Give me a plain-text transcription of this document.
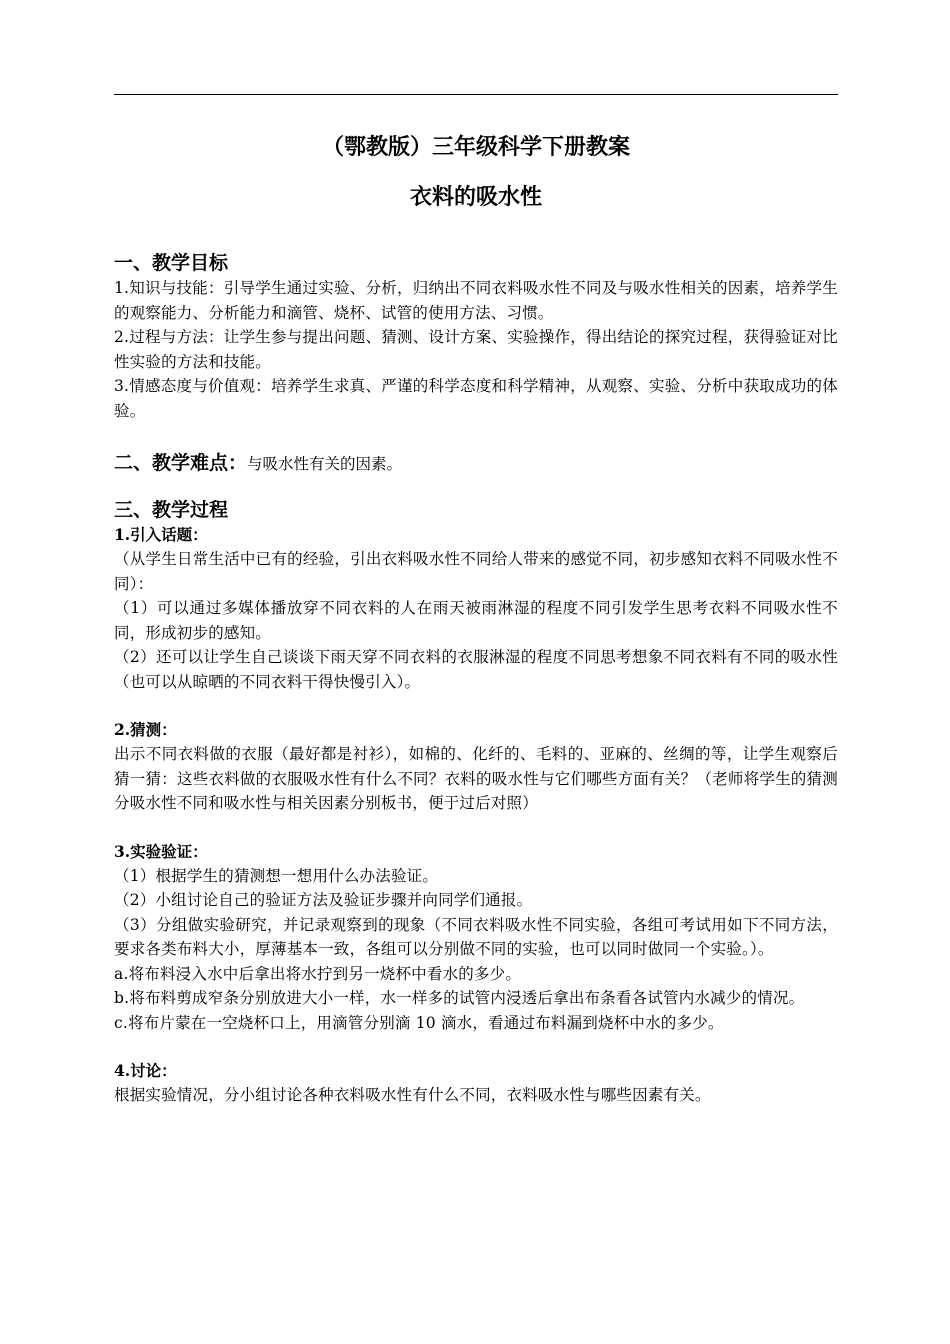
（鄂教版）三年级科学下册教案
衣料的吸水性
一、教学目标

1.知识与技能：引导学生通过实验、分析，归纳出不同衣料吸水性不同及与吸水性相关的因素，培养学生的观察能力、分析能力和滴管、烧杯、试管的使用方法、习惯。

2.过程与方法：让学生参与提出问题、猜测、设计方案、实验操作，得出结论的探究过程，获得验证对比性实验的方法和技能。

3.情感态度与价值观：培养学生求真、严谨的科学态度和科学精神，从观察、实验、分析中获取成功的体验。

二、教学难点：与吸水性有关的因素。
三、教学过程
1.引入话题：

（从学生日常生活中已有的经验，引出衣料吸水性不同给人带来的感觉不同，初步感知衣料不同吸水性不同）：

（1）可以通过多媒体播放穿不同衣料的人在雨天被雨淋湿的程度不同引发学生思考衣料不同吸水性不同，形成初步的感知。

（2）还可以让学生自己谈谈下雨天穿不同衣料的衣服淋湿的程度不同思考想象不同衣料有不同的吸水性（也可以从晾晒的不同衣料干得快慢引入）。

2.猜测：

出示不同衣料做的衣服（最好都是衬衫），如棉的、化纤的、毛料的、亚麻的、丝绸的等，让学生观察后猜一猜：这些衣料做的衣服吸水性有什么不同？衣料的吸水性与它们哪些方面有关？（老师将学生的猜测分吸水性不同和吸水性与相关因素分别板书，便于过后对照）

3.实验验证：

（1）根据学生的猜测想一想用什么办法验证。

（2）小组讨论自己的验证方法及验证步骤并向同学们通报。

（3）分组做实验研究，并记录观察到的现象（不同衣料吸水性不同实验，各组可考试用如下不同方法，要求各类布料大小，厚薄基本一致，各组可以分别做不同的实验，也可以同时做同一个实验。）。

a.将布料浸入水中后拿出将水拧到另一烧杯中看水的多少。

b.将布料剪成窄条分别放进大小一样，水一样多的试管内浸透后拿出布条看各试管内水减少的情况。

c.将布片蒙在一空烧杯口上，用滴管分别滴 10 滴水，看通过布料漏到烧杯中水的多少。

4.讨论：

根据实验情况，分小组讨论各种衣料吸水性有什么不同，衣料吸水性与哪些因素有关。
